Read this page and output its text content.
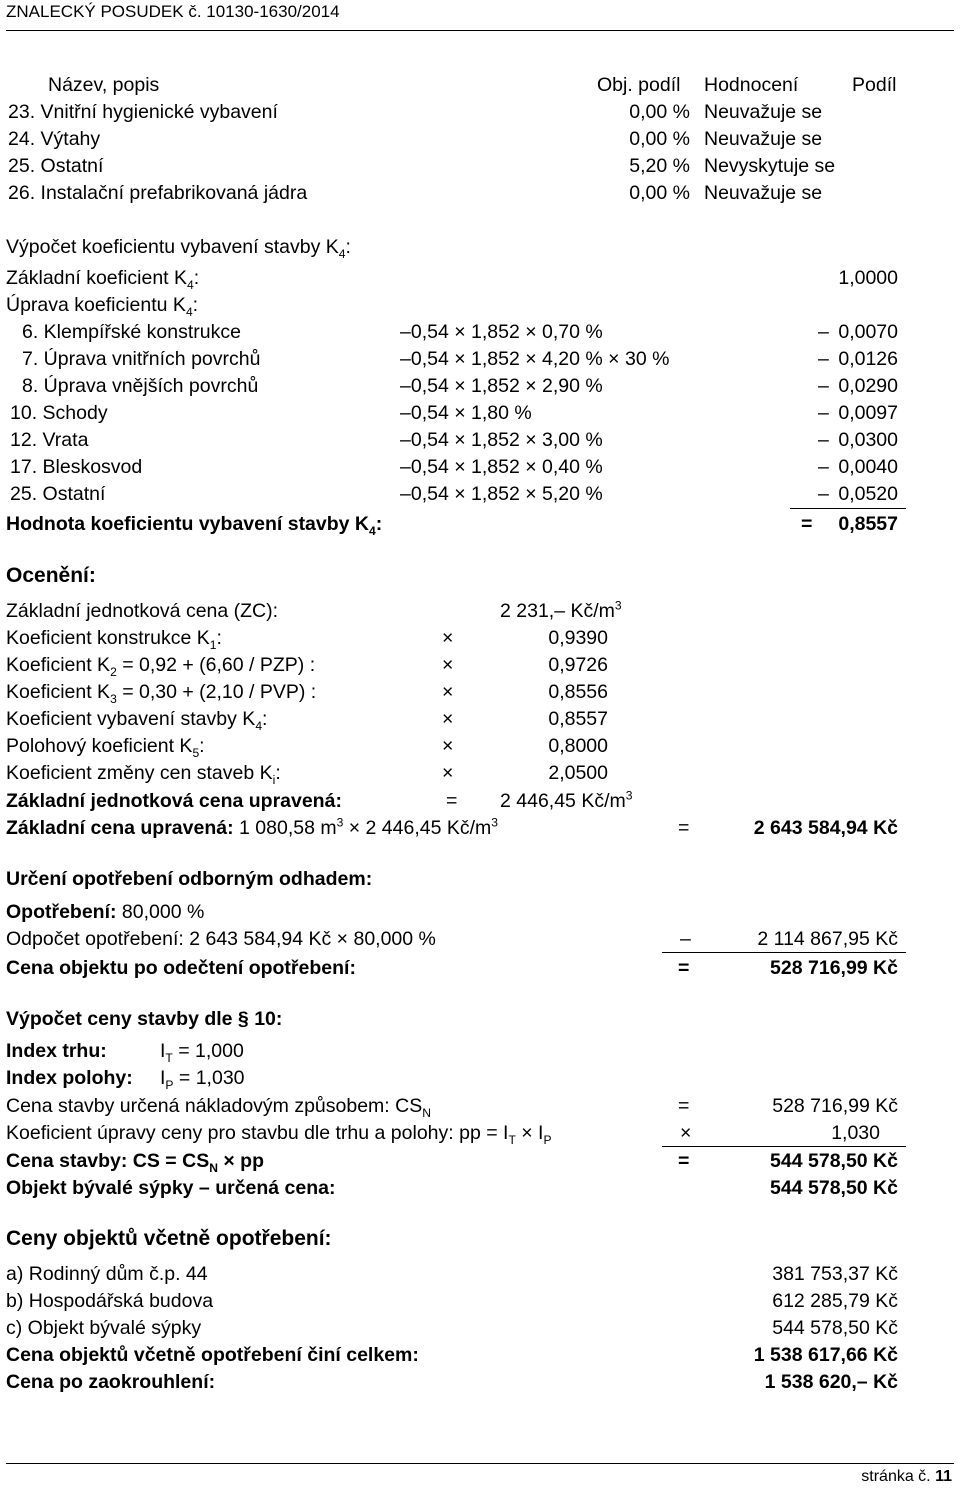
ZNALECKÝ POSUDEK č. 10130-1630/2014
Název, popis	Obj. podíl Hodnocení	Podíl
23. Vnitřní hygienické vybavení	0,00 % Neuvažuje se
24. Výtahy	0,00 % Neuvažuje se
25. Ostatní	5,20 % Nevyskytuje se
26. Instalační prefabrikovaná jádra	0,00 % Neuvažuje se
Výpočet koeficientu vybavení stavby $K_4$:
Základní koeficient $K_4$:	1,0000
Úprava koeficientu $K_4$:
6. Klempířské konstrukce	–0,54 × 1,852 × 0,70 %	– 0,0070
7. Úprava vnitřních povrchů	–0,54 × 1,852 × 4,20 % × 30 %	– 0,0126
8. Úprava vnějších povrchů	–0,54 × 1,852 × 2,90 %	– 0,0290
10. Schody	–0,54 × 1,80 %	– 0,0097
12. Vrata	–0,54 × 1,852 × 3,00 %	– 0,0300
17. Bleskosvod	–0,54 × 1,852 × 0,40 %	– 0,0040
25. Ostatní	–0,54 × 1,852 × 5,20 %	– 0,0520
Hodnota koeficientu vybavení stavby $K_4$:	=	0,8557
Ocenění:
Základní jednotková cena (ZC):	2 231,– $Kč/m^3$
Koeficient konstrukce $K_1$:	×	0,9390
Koeficient $K_2 = 0,92 + (6,60 / PZP)$ :	×	0,9726
Koeficient $K_3 = 0,30 + (2,10 / PVP)$ :	×	0,8556
Koeficient vybavení stavby $K_4$:	×	0,8557
Polohový koeficient $K_5$:	×	0,8000
Koeficient změny cen staveb $K_i$:	×	2,0500
Základní jednotková cena upravená:	= 2 446,45 $Kč/m^3$
Základní cena upravená: 1 080,58 $m^3 \times 2$ 446,45 $Kč/m^3$	=	2 643 584,94 Kč
Určení opotřebení odborným odhadem:
Opotřebení: 80,000 %
Odpočet opotřebení: 2 643 584,94 Kč × 80,000 %	–	2 114 867,95 Kč
Cena objektu po odečtení opotřebení:	=	528 716,99 Kč
Výpočet ceny stavby dle § 10:
Index trhu:	$I_T = 1,000$
Index polohy: $I_P = 1,030$
Cena stavby určená nákladovým způsobem: $CS_N$	=	528 716,99 Kč
Koeficient úpravy ceny pro stavbu dle trhu a polohy: pp = $I_T \times I_P$	×	1,030
Cena stavby: CS = $CS_N$ × pp	=	544 578,50 Kč
Objekt bývalé sýpky – určená cena:	544 578,50 Kč
Ceny objektů včetně opotřebení:
a) Rodinný dům č.p. 44	381 753,37 Kč
b) Hospodářská budova	612 285,79 Kč
c) Objekt bývalé sýpky	544 578,50 Kč
Cena objektů včetně opotřebení činí celkem:	1 538 617,66 Kč
Cena po zaokrouhlení:	1 538 620,– Kč
stránka č. 11
